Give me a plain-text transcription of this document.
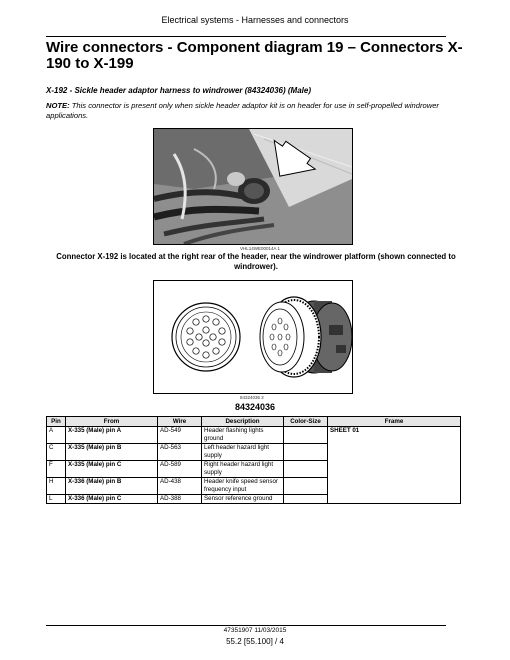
Electrical systems - Harnesses and connectors
Wire connectors - Component diagram 19 – Connectors X-190 to X-199
X-192 - Sickle header adaptor harness to windrower (84324036) (Male)
NOTE: This connector is present only when sickle header adaptor kit is on header for use in self-propelled windrower applications.
VHL14WE00014A 1
Connector X-192 is located at the right rear of the header, near the windrower platform (shown connected to windrower).
84324036 2
84324036
Pin	From	Wire	Description	Color-Size	Frame
A	X-335 (Male) pin A	AD-549	Header flashing lights ground		SHEET 01
C	X-335 (Male) pin B	AD-563	Left header hazard light supply		
F	X-335 (Male) pin C	AD-589	Right header hazard light supply		
H	X-336 (Male) pin B	AD-438	Header knife speed sensor frequency input		
L	X-336 (Male) pin C	AD-388	Sensor reference ground		
47351907 11/03/2015
55.2 [55.100] / 4
